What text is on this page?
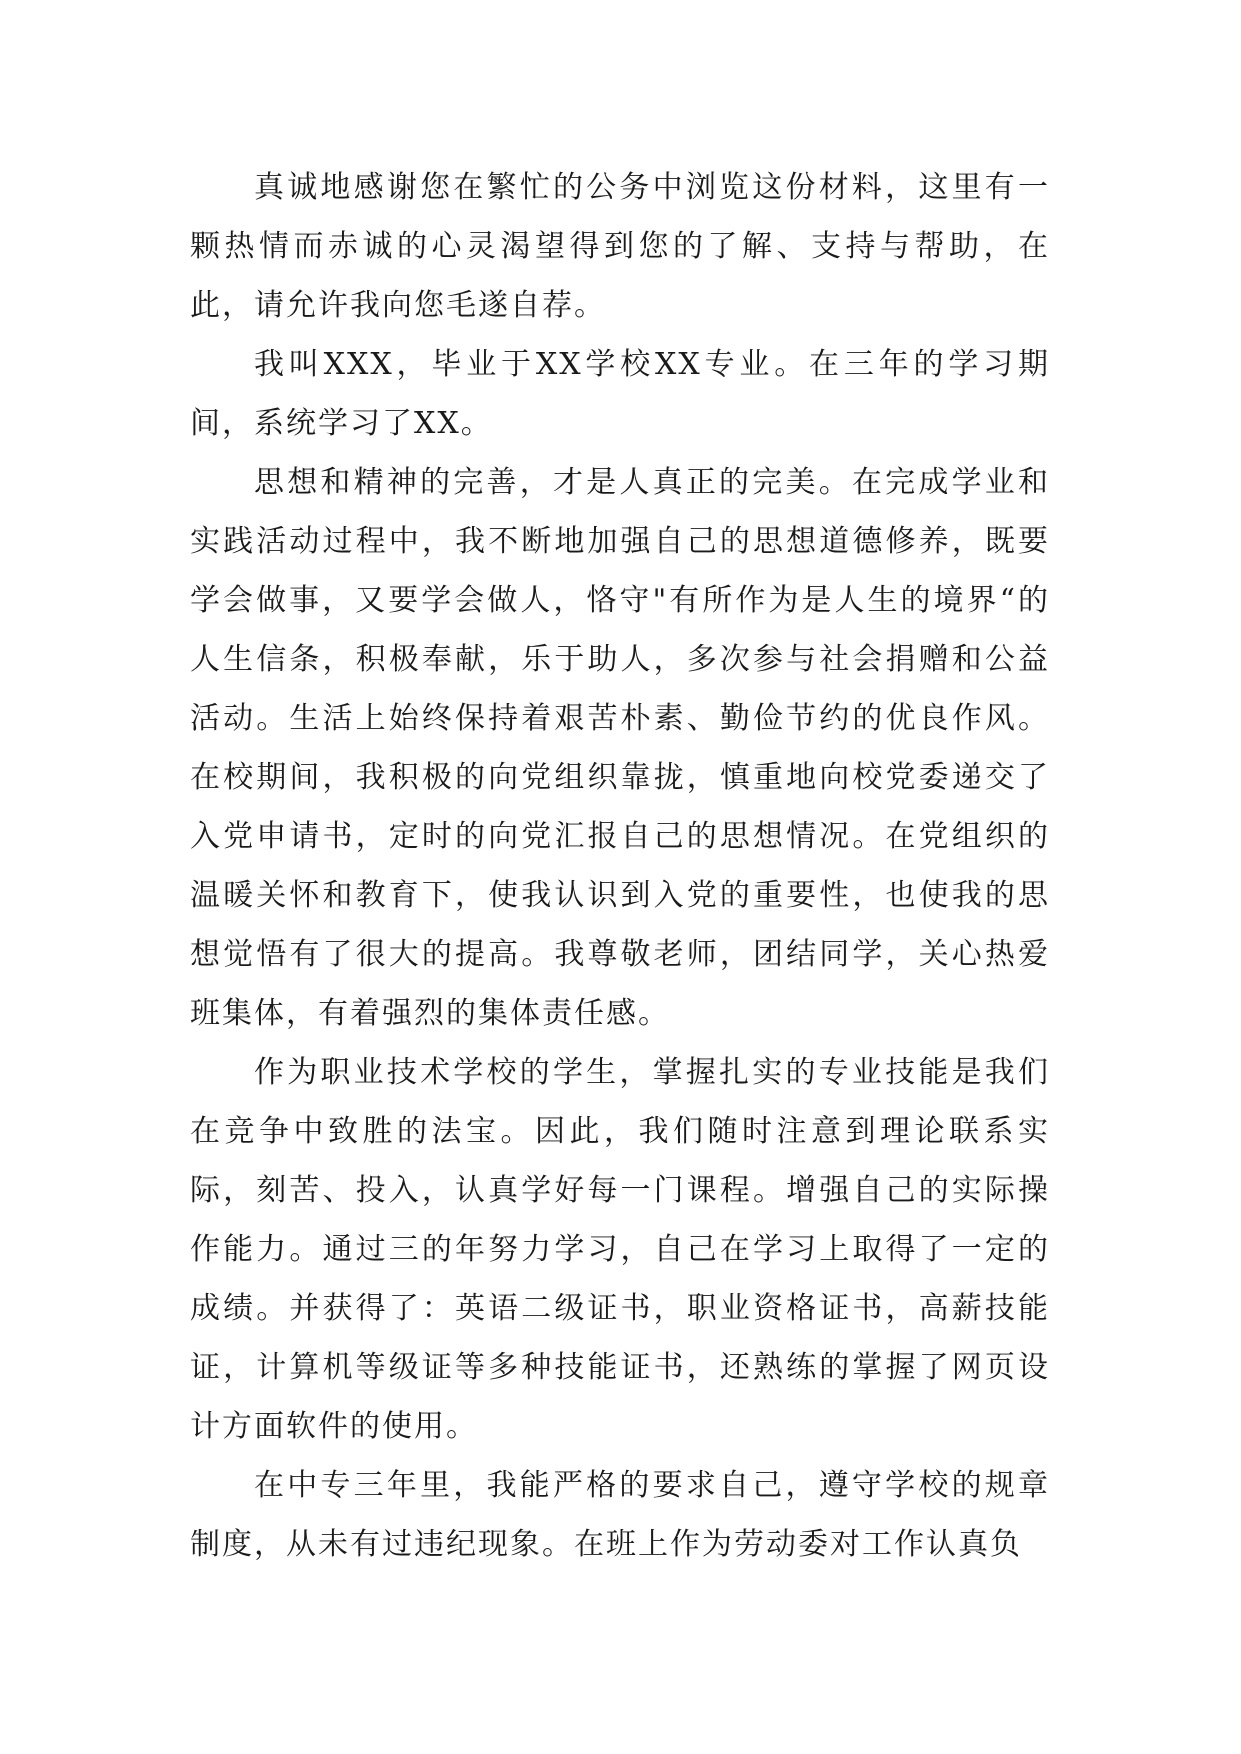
真诚地感谢您在繁忙的公务中浏览这份材料，这里有一颗热情而赤诚的心灵渴望得到您的了解、支持与帮助，在此，请允许我向您毛遂自荐。

我叫XXX，毕业于XX学校XX专业。在三年的学习期间，系统学习了XX。

思想和精神的完善，才是人真正的完美。在完成学业和实践活动过程中，我不断地加强自己的思想道德修养，既要学会做事，又要学会做人，恪守"有所作为是人生的境界“的人生信条，积极奉献，乐于助人，多次参与社会捐赠和公益活动。生活上始终保持着艰苦朴素、勤俭节约的优良作风。在校期间，我积极的向党组织靠拢，慎重地向校党委递交了入党申请书，定时的向党汇报自己的思想情况。在党组织的温暖关怀和教育下，使我认识到入党的重要性，也使我的思想觉悟有了很大的提高。我尊敬老师，团结同学，关心热爱班集体，有着强烈的集体责任感。

作为职业技术学校的学生，掌握扎实的专业技能是我们在竞争中致胜的法宝。因此，我们随时注意到理论联系实际，刻苦、投入，认真学好每一门课程。增强自己的实际操作能力。通过三的年努力学习，自己在学习上取得了一定的成绩。并获得了：英语二级证书，职业资格证书，高薪技能证，计算机等级证等多种技能证书，还熟练的掌握了网页设计方面软件的使用。

在中专三年里，我能严格的要求自己，遵守学校的规章制度，从未有过违纪现象。在班上作为劳动委对工作认真负
